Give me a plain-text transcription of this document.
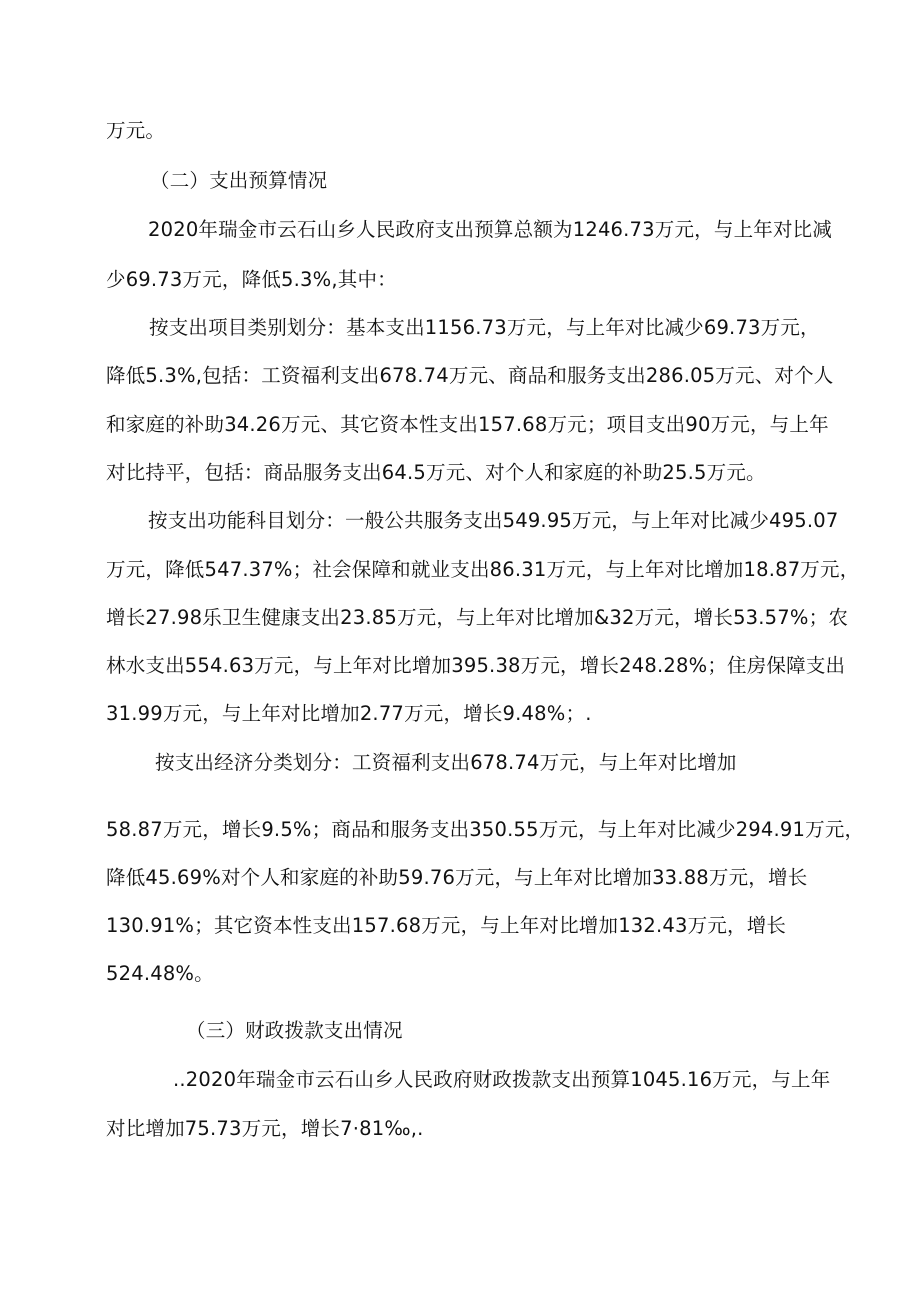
万元。

（二）支出预算情况

2020年瑞金市云石山乡人民政府支出预算总额为1246.73万元，与上年对比减

少69.73万元，降低5.3%,其中：

按支出项目类别划分：基本支出1156.73万元，与上年对比减少69.73万元，

降低5.3%,包括：工资福利支出678.74万元、商品和服务支出286.05万元、对个人

和家庭的补助34.26万元、其它资本性支出157.68万元；项目支出90万元，与上年

对比持平，包括：商品服务支出64.5万元、对个人和家庭的补助25.5万元。

按支出功能科目划分：一般公共服务支出549.95万元，与上年对比减少495.07

万元，降低547.37%；社会保障和就业支出86.31万元，与上年对比增加18.87万元，

增长27.98乐卫生健康支出23.85万元，与上年对比增加&32万元，增长53.57%；农

林水支出554.63万元，与上年对比增加395.38万元，增长248.28%；住房保障支出

31.99万元，与上年对比增加2.77万元，增长9.48%；.

按支出经济分类划分：工资福利支出678.74万元，与上年对比增加

58.87万元，增长9.5%；商品和服务支出350.55万元，与上年对比减少294.91万元，

降低45.69%对个人和家庭的补助59.76万元，与上年对比增加33.88万元，增长

130.91%；其它资本性支出157.68万元，与上年对比增加132.43万元，增长

524.48%。

（三）财政拨款支出情况

..2020年瑞金市云石山乡人民政府财政拨款支出预算1045.16万元，与上年

对比增加75.73万元，增长7·81‰,.
